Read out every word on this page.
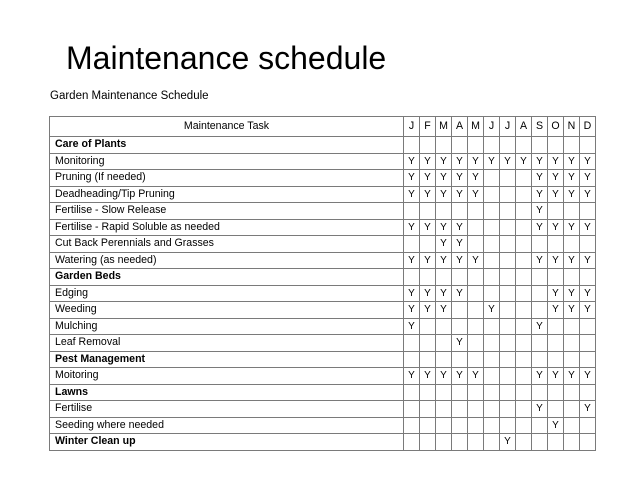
Maintenance schedule
Garden Maintenance Schedule
Maintenance Task	J	F	M	A	M	J	J	A	S	O	N	D
Care of Plants												
Monitoring	Y	Y	Y	Y	Y	Y	Y	Y	Y	Y	Y	Y
Pruning (If needed)	Y	Y	Y	Y	Y				Y	Y	Y	Y
Deadheading/Tip Pruning	Y	Y	Y	Y	Y				Y	Y	Y	Y
Fertilise - Slow Release									Y			
Fertilise - Rapid Soluble as needed	Y	Y	Y	Y					Y	Y	Y	Y
Cut Back Perennials and Grasses			Y	Y								
Watering (as needed)	Y	Y	Y	Y	Y				Y	Y	Y	Y
Garden Beds												
Edging	Y	Y	Y	Y						Y	Y	Y
Weeding	Y	Y	Y			Y				Y	Y	Y
Mulching	Y								Y			
Leaf Removal				Y								
Pest Management												
Moitoring	Y	Y	Y	Y	Y				Y	Y	Y	Y
Lawns												
Fertilise									Y			Y
Seeding where needed										Y		
Winter Clean up							Y					
